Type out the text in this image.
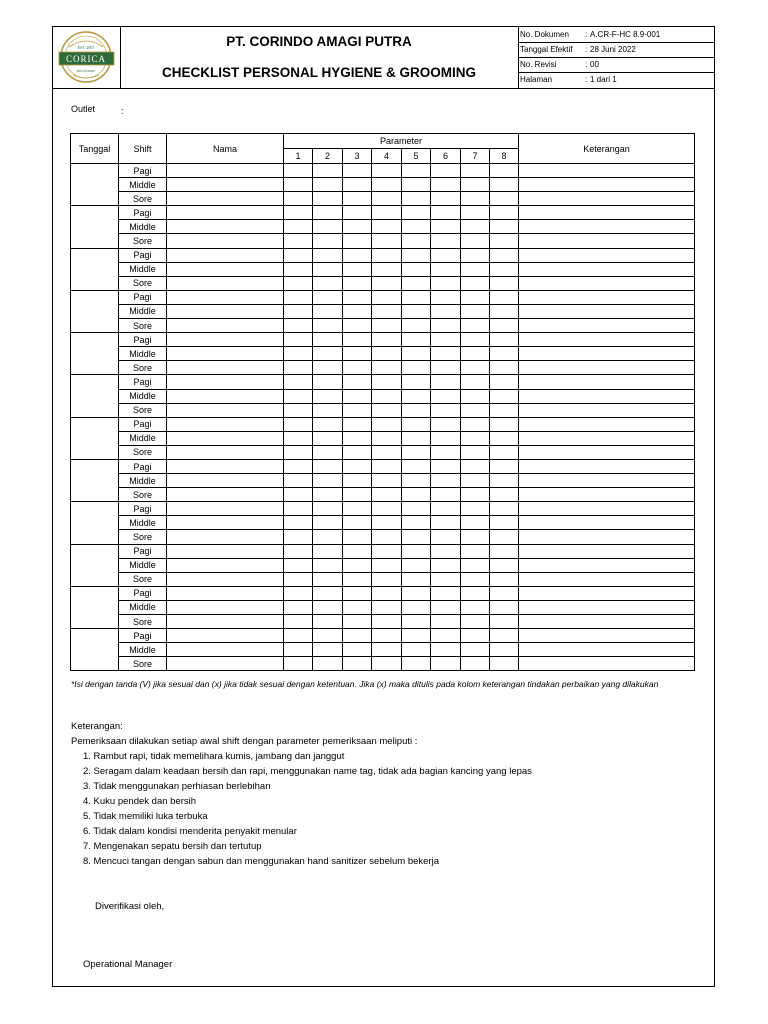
EST. 2007
CORICA
PATISSERIE
PT. CORINDO AMAGI PUTRA
CHECKLIST PERSONAL HYGIENE & GROOMING
No. Dokumen : A.CR-F-HC 8.9-001
Tanggal Efektif : 28 Juni 2022
No. Revisi	: 00
Halaman	: 1 dari 1
Outlet	:
Tanggal	Shift	Nama	Parameter								Keterangan
			1	2	3	4	5	6	7	8	
	Pagi										
	Middle										
	Sore										
	Pagi										
	Middle										
	Sore										
	Pagi										
	Middle										
	Sore										
	Pagi										
	Middle										
	Sore										
	Pagi										
	Middle										
	Sore										
	Pagi										
	Middle										
	Sore										
	Pagi										
	Middle										
	Sore										
	Pagi										
	Middle										
	Sore										
	Pagi										
	Middle										
	Sore										
	Pagi										
	Middle										
	Sore										
	Pagi										
	Middle										
	Sore										
	Pagi										
	Middle										
	Sore										
*Isi dengan tanda (V) jika sesuai dan (x) jika tidak sesuai dengan ketentuan. Jika (x) maka ditulis pada kolom keterangan tindakan perbaikan yang dilakukan
Keterangan:
Pemeriksaan dilakukan setiap awal shift dengan parameter pemeriksaan meliputi :
1. Rambut rapi, tidak memelihara kumis, jambang dan janggut
2. Seragam dalam keadaan bersih dan rapi, menggunakan name tag, tidak ada bagian kancing yang lepas
3. Tidak menggunakan perhiasan berlebihan
4. Kuku pendek dan bersih
5. Tidak memiliki luka terbuka
6. Tidak dalam kondisi menderita penyakit menular
7. Mengenakan sepatu bersih dan tertutup
8. Mencuci tangan dengan sabun dan menggunakan hand sanitizer sebelum bekerja
Diverifikasi oleh,
Operational Manager
